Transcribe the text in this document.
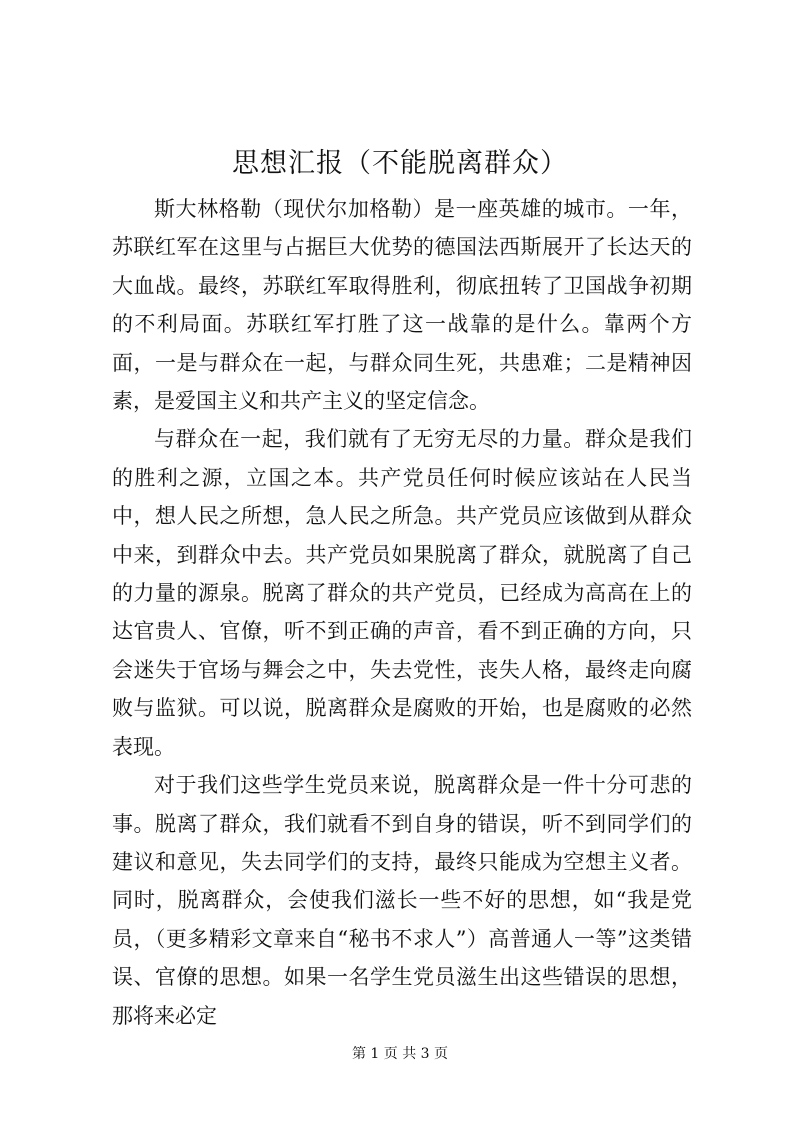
思想汇报（不能脱离群众）

斯大林格勒（现伏尔加格勒）是一座英雄的城市。一年，苏联红军在这里与占据巨大优势的德国法西斯展开了长达天的大血战。最终，苏联红军取得胜利，彻底扭转了卫国战争初期的不利局面。苏联红军打胜了这一战靠的是什么。靠两个方面，一是与群众在一起，与群众同生死，共患难；二是精神因素，是爱国主义和共产主义的坚定信念。

与群众在一起，我们就有了无穷无尽的力量。群众是我们的胜利之源，立国之本。共产党员任何时候应该站在人民当中，想人民之所想，急人民之所急。共产党员应该做到从群众中来，到群众中去。共产党员如果脱离了群众，就脱离了自己的力量的源泉。脱离了群众的共产党员，已经成为高高在上的达官贵人、官僚，听不到正确的声音，看不到正确的方向，只会迷失于官场与舞会之中，失去党性，丧失人格，最终走向腐败与监狱。可以说，脱离群众是腐败的开始，也是腐败的必然表现。

对于我们这些学生党员来说，脱离群众是一件十分可悲的事。脱离了群众，我们就看不到自身的错误，听不到同学们的建议和意见，失去同学们的支持，最终只能成为空想主义者。同时，脱离群众，会使我们滋长一些不好的思想，如“我是党员，（更多精彩文章来自“秘书不求人”）高普通人一等”这类错误、官僚的思想。如果一名学生党员滋生出这些错误的思想，那将来必定

第 1 页 共 3 页
